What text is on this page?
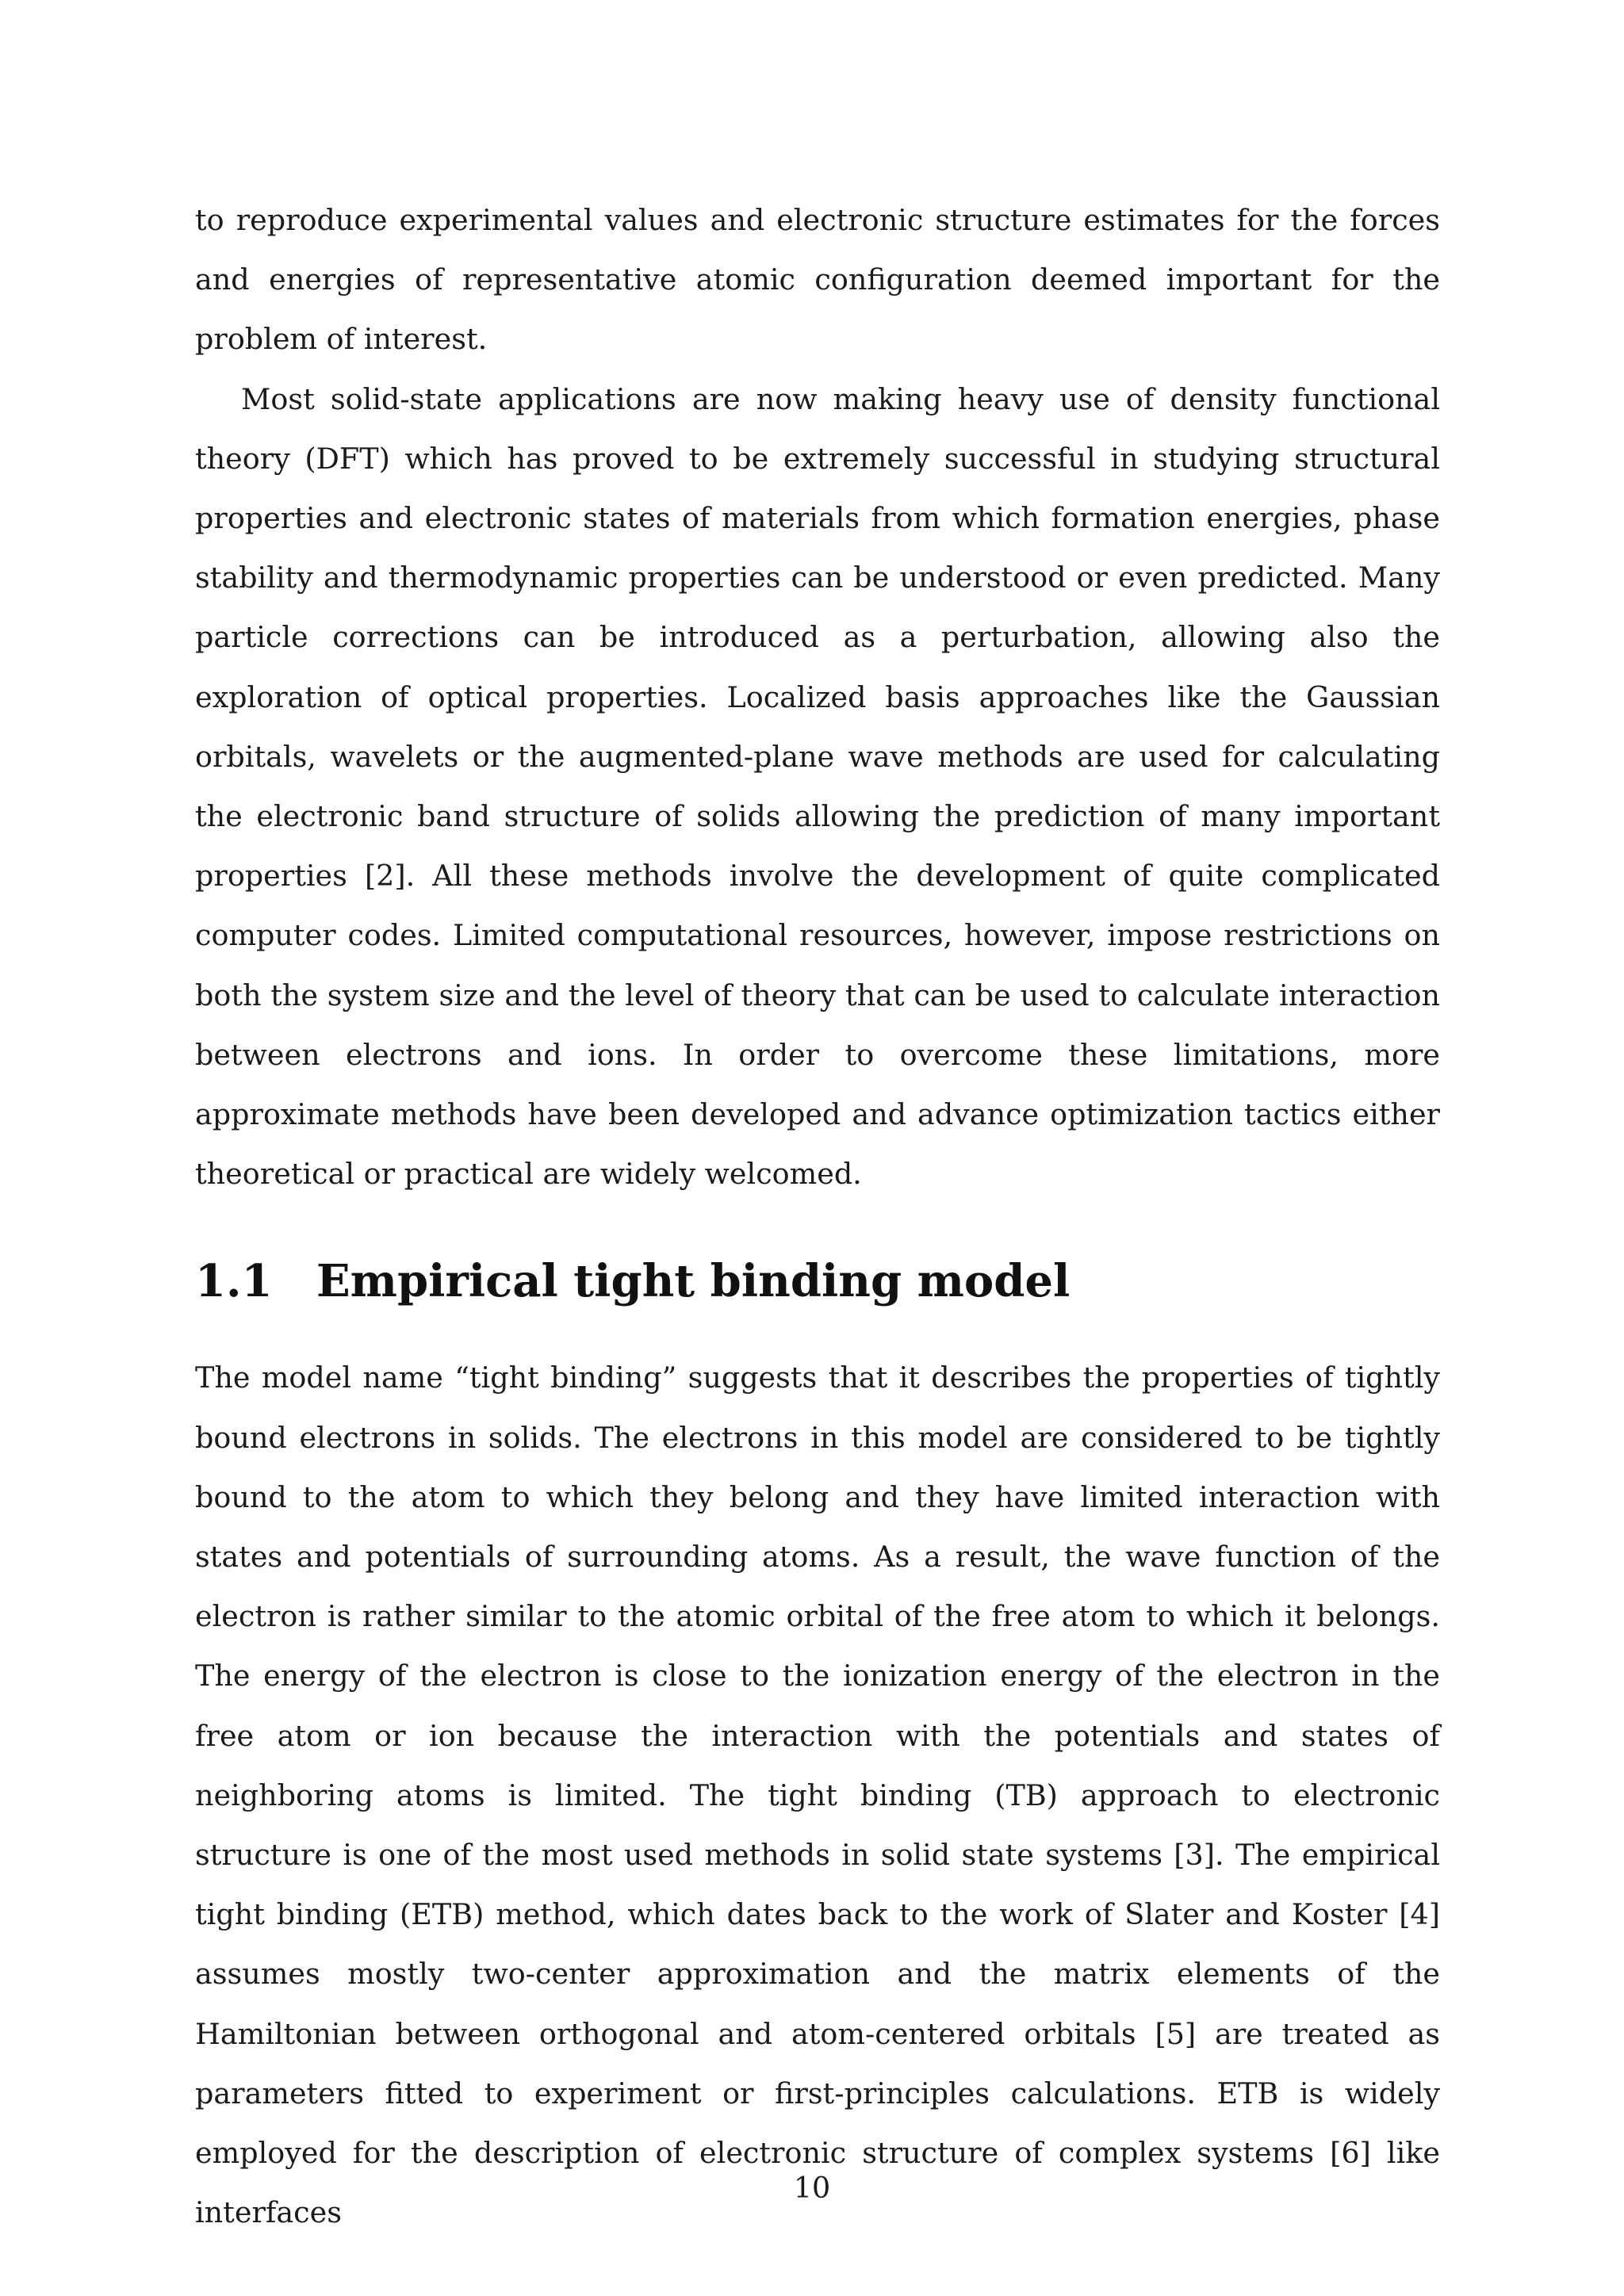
to reproduce experimental values and electronic structure estimates for the forces and energies of representative atomic configuration deemed important for the problem of interest.

Most solid-state applications are now making heavy use of density functional theory (DFT) which has proved to be extremely successful in studying structural properties and electronic states of materials from which formation energies, phase stability and thermodynamic properties can be understood or even predicted. Many particle corrections can be introduced as a perturbation, allowing also the exploration of optical properties. Localized basis approaches like the Gaussian orbitals, wavelets or the augmented-plane wave methods are used for calculating the electronic band structure of solids allowing the prediction of many important properties [2]. All these methods involve the development of quite complicated computer codes. Limited computational resources, however, impose restrictions on both the system size and the level of theory that can be used to calculate interaction between electrons and ions. In order to overcome these limitations, more approximate methods have been developed and advance optimization tactics either theoretical or practical are widely welcomed.

1.1 Empirical tight binding model

The model name “tight binding” suggests that it describes the properties of tightly bound electrons in solids. The electrons in this model are considered to be tightly bound to the atom to which they belong and they have limited interaction with states and potentials of surrounding atoms. As a result, the wave function of the electron is rather similar to the atomic orbital of the free atom to which it belongs. The energy of the electron is close to the ionization energy of the electron in the free atom or ion because the interaction with the potentials and states of neighboring atoms is limited. The tight binding (TB) approach to electronic structure is one of the most used methods in solid state systems [3]. The empirical tight binding (ETB) method, which dates back to the work of Slater and Koster [4] assumes mostly two-center approximation and the matrix elements of the Hamiltonian between orthogonal and atom-centered orbitals [5] are treated as parameters fitted to experiment or first-principles calculations. ETB is widely employed for the description of electronic structure of complex systems [6] like interfaces

10
